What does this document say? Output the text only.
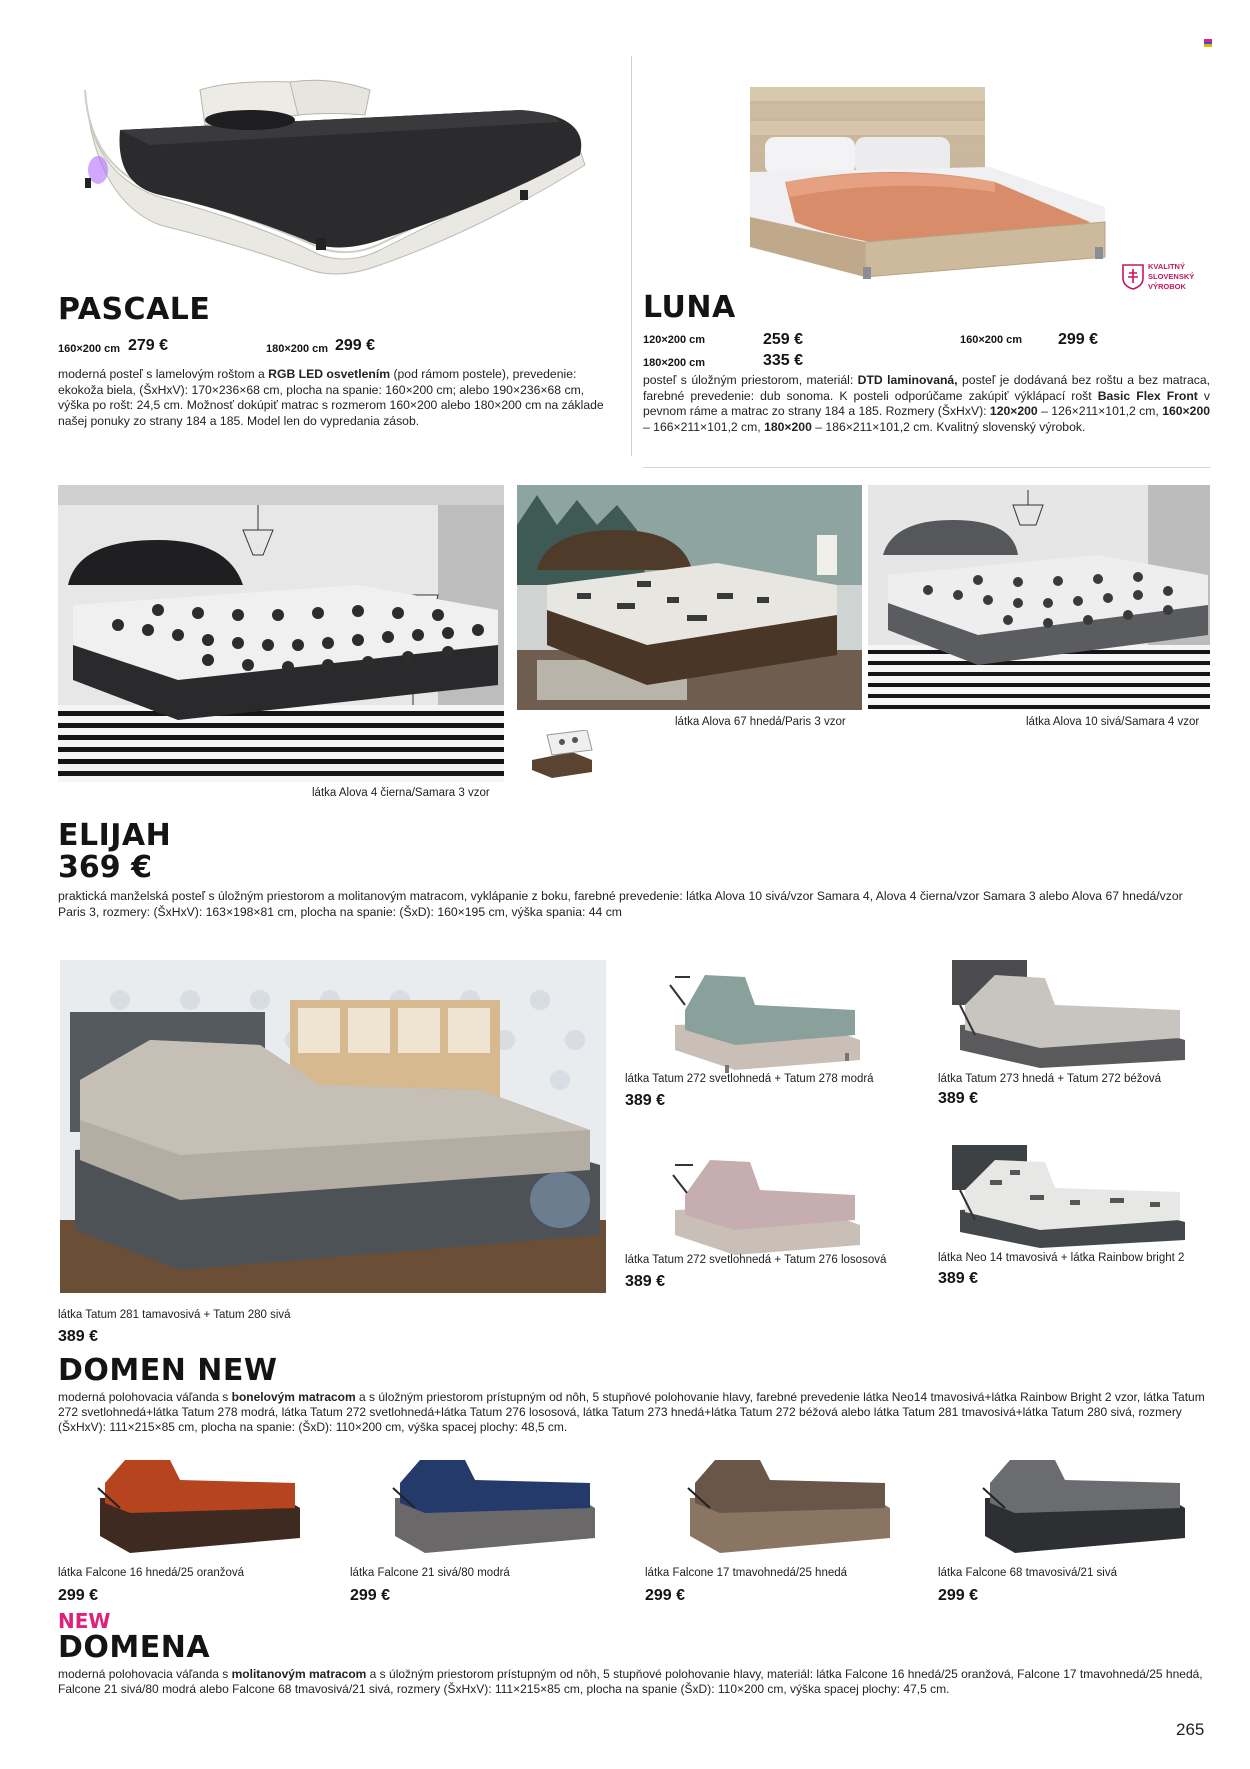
PASCALE
160×200 cm 279 €	180×200 cm 299 €
moderná posteľ s lamelovým roštom a RGB LED osvetlením (pod rámom postele), prevedenie: ekokoža biela, (ŠxHxV): 170×236×68 cm, plocha na spanie: 160×200 cm; alebo 190×236×68 cm, výška po rošt: 24,5 cm. Možnosť dokúpiť matrac s rozmerom 160×200 alebo 180×200 cm na základe našej ponuky zo strany 184 a 185. Model len do vypredania zásob.
KVALITNÝ
SLOVENSKÝ
VÝROBOK
LUNA
120×200 cm	259 €	160×200 cm 299 €
180×200 cm	335 €
posteľ s úložným priestorom, materiál: DTD laminovaná, posteľ je dodávaná bez roštu a bez matraca, farebné prevedenie: dub sonoma. K posteli odporúčame zakúpiť výklápací rošt Basic Flex Front v pevnom ráme a matrac zo strany 184 a 185. Rozmery (ŠxHxV): 120×200 – 126×211×101,2 cm, 160×200 – 166×211×101,2 cm, 180×200 – 186×211×101,2 cm. Kvalitný slovenský výrobok.
látka Alova 4 čierna/Samara 3 vzor
látka Alova 67 hnedá/Paris 3 vzor	látka Alova 10 sivá/Samara 4 vzor
ELIJAH
369 €
praktická manželská posteľ s úložným priestorom a molitanovým matracom, vyklápanie z boku, farebné prevedenie: látka Alova 10 sivá/vzor Samara 4, Alova 4 čierna/vzor Samara 3 alebo Alova 67 hnedá/vzor Paris 3, rozmery: (ŠxHxV): 163×198×81 cm, plocha na spanie: (ŠxD): 160×195 cm, výška spania: 44 cm
látka Tatum 281 tamavosivá + Tatum 280 sivá
389 €
látka Tatum 272 svetlohnedá + Tatum 278 modrá
389 €
látka Tatum 273 hnedá + Tatum 272 béžová
389 €
látka Tatum 272 svetlohnedá + Tatum 276 lososová
389 €
látka Neo 14 tmavosivá + látka Rainbow bright 2
389 €
DOMEN NEW
moderná polohovacia váľanda s bonelovým matracom a s úložným priestorom prístupným od nôh, 5 stupňové polohovanie hlavy, farebné prevedenie látka Neo14 tmavosivá+látka Rainbow Bright 2 vzor, látka Tatum 272 svetlohnedá+látka Tatum 278 modrá, látka Tatum 272 svetlohnedá+látka Tatum 276 lososová, látka Tatum 273 hnedá+látka Tatum 272 béžová alebo látka Tatum 281 tmavosivá+látka Tatum 280 sivá, rozmery (ŠxHxV): 111×215×85 cm, plocha na spanie: (ŠxD): 110×200 cm, výška spacej plochy: 48,5 cm.
látka Falcone 16 hnedá/25 oranžová
299 €
látka Falcone 21 sivá/80 modrá
299 €
látka Falcone 17 tmavohnedá/25 hnedá
299 €
látka Falcone 68 tmavosivá/21 sivá
299 €
NEW
DOMENA
moderná polohovacia váľanda s molitanovým matracom a s úložným priestorom prístupným od nôh, 5 stupňové polohovanie hlavy, materiál: látka Falcone 16 hnedá/25 oranžová, Falcone 17 tmavohnedá/25 hnedá, Falcone 21 sivá/80 modrá alebo Falcone 68 tmavosivá/21 sivá, rozmery (ŠxHxV): 111×215×85 cm, plocha na spanie (ŠxD): 110×200 cm, výška spacej plochy: 47,5 cm.
265
